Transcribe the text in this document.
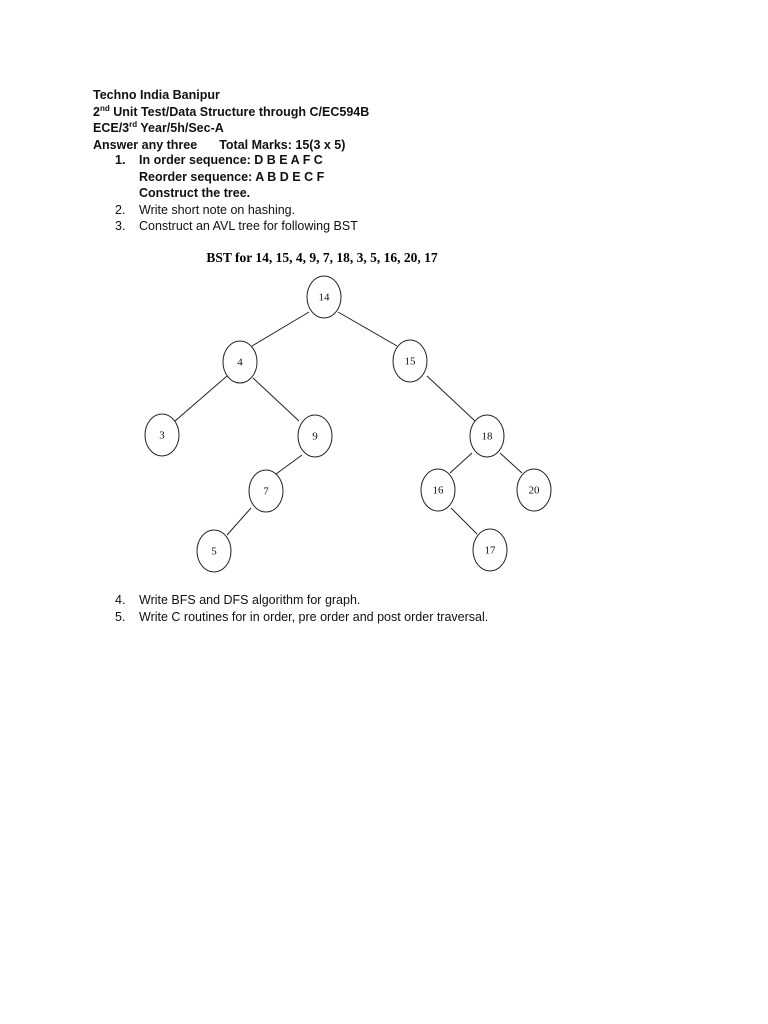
Techno India Banipur
2nd Unit Test/Data Structure through C/EC594B
ECE/3rd Year/5h/Sec-A
Answer any three Total Marks: 15(3 x 5)
1. In order sequence: D B E A F C
Reorder sequence: A B D E C F
Construct the tree.
2. Write short note on hashing.
3. Construct an AVL tree for following BST
BST for 14, 15, 4, 9, 7, 18, 3, 5, 16, 20, 17
14
4	15
3	9	18
7	16	20
5	17
4. Write BFS and DFS algorithm for graph.
5. Write C routines for in order, pre order and post order traversal.
